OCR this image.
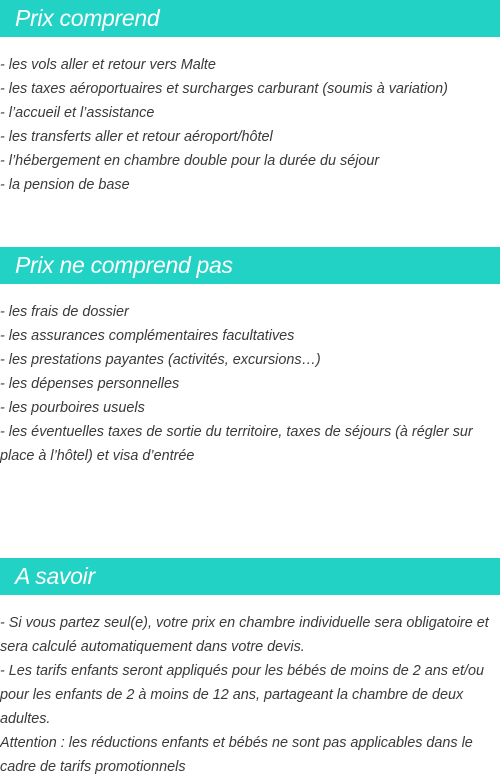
Prix comprend
- les vols aller et retour vers Malte
- les taxes aéroportuaires et surcharges carburant (soumis à variation)
- l’accueil et l’assistance
- les transferts aller et retour aéroport/hôtel
- l’hébergement en chambre double pour la durée du séjour
- la pension de base
Prix ne comprend pas
- les frais de dossier
- les assurances complémentaires facultatives
- les prestations payantes (activités, excursions…)
- les dépenses personnelles
- les pourboires usuels
- les éventuelles taxes de sortie du territoire, taxes de séjours (à régler sur place à l’hôtel) et visa d’entrée
A savoir

- Si vous partez seul(e), votre prix en chambre individuelle sera obligatoire et sera calculé automatiquement dans votre devis.

- Les tarifs enfants seront appliqués pour les bébés de moins de 2 ans et/ou pour les enfants de 2 à moins de 12 ans, partageant la chambre de deux adultes.

Attention : les réductions enfants et bébés ne sont pas applicables dans le cadre de tarifs promotionnels
